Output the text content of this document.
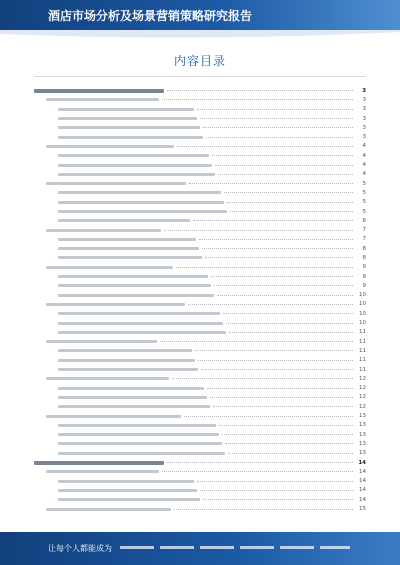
酒店市场分析及场景营销策略研究报告
内容目录
3
3
3
3
3
3
4
4
4
4
5
5
5
5
6
7
7
8
8
9
9
9
10
10
10
10
11
11
11
11
11
12
12
12
12
13
13
13
13
13
14
14
14
14
14
15
让每个人都能成为
